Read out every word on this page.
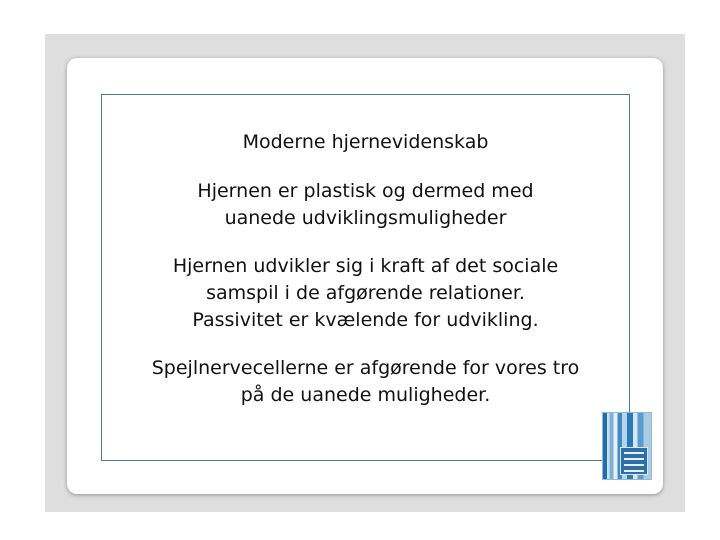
Moderne hjernevidenskab
Hjernen er plastisk og dermed med
uanede udviklingsmuligheder
Hjernen udvikler sig i kraft af det sociale
samspil i de afgørende relationer.
Passivitet er kvælende for udvikling.
Spejlnervecellerne er afgørende for vores tro
på de uanede muligheder.
